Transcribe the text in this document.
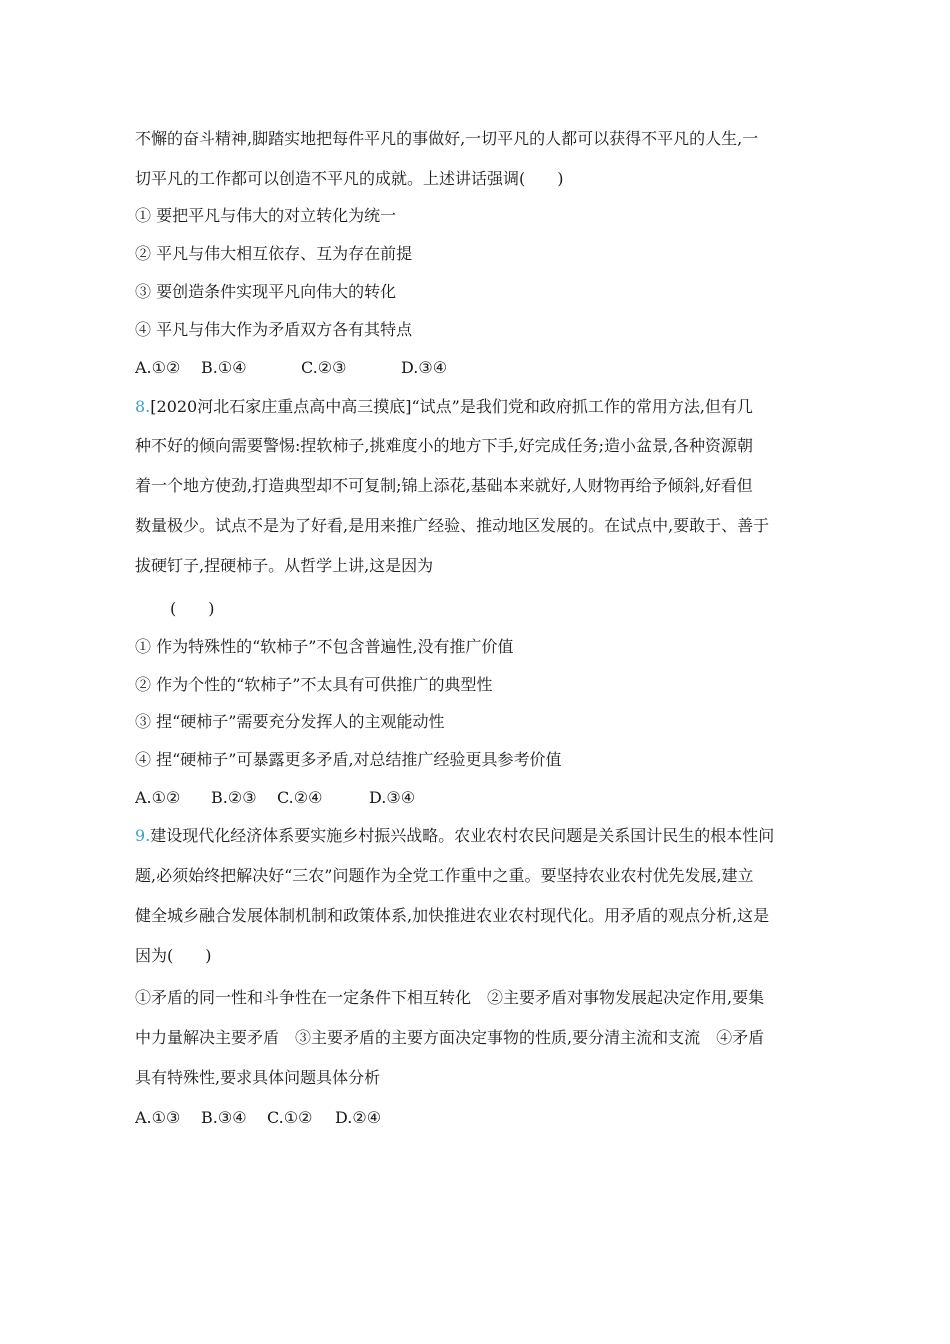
不懈的奋斗精神,脚踏实地把每件平凡的事做好,一切平凡的人都可以获得不平凡的人生,一
切平凡的工作都可以创造不平凡的成就。上述讲话强调(　　)
① 要把平凡与伟大的对立转化为统一
② 平凡与伟大相互依存、互为存在前提
③ 要创造条件实现平凡向伟大的转化
④ 平凡与伟大作为矛盾双方各有其特点
A.①② B.①④	C.②③	D.③④
8.[2020河北石家庄重点高中高三摸底]“试点”是我们党和政府抓工作的常用方法,但有几
种不好的倾向需要警惕:捏软柿子,挑难度小的地方下手,好完成任务;造小盆景,各种资源朝
着一个地方使劲,打造典型却不可复制;锦上添花,基础本来就好,人财物再给予倾斜,好看但
数量极少。试点不是为了好看,是用来推广经验、推动地区发展的。在试点中,要敢于、善于
拔硬钉子,捏硬柿子。从哲学上讲,这是因为
(　　)
① 作为特殊性的“软柿子”不包含普遍性,没有推广价值
② 作为个性的“软柿子”不太具有可供推广的典型性
③ 捏“硬柿子”需要充分发挥人的主观能动性
④ 捏“硬柿子”可暴露更多矛盾,对总结推广经验更具参考价值
A.①② B.②③ C.②④	D.③④
9.建设现代化经济体系要实施乡村振兴战略。农业农村农民问题是关系国计民生的根本性问
题,必须始终把解决好“三农”问题作为全党工作重中之重。要坚持农业农村优先发展,建立
健全城乡融合发展体制机制和政策体系,加快推进农业农村现代化。用矛盾的观点分析,这是
因为(　　)
①矛盾的同一性和斗争性在一定条件下相互转化　②主要矛盾对事物发展起决定作用,要集
中力量解决主要矛盾　③主要矛盾的主要方面决定事物的性质,要分清主流和支流　④矛盾
具有特殊性,要求具体问题具体分析
A.①③ B.③④ C.①② D.②④
